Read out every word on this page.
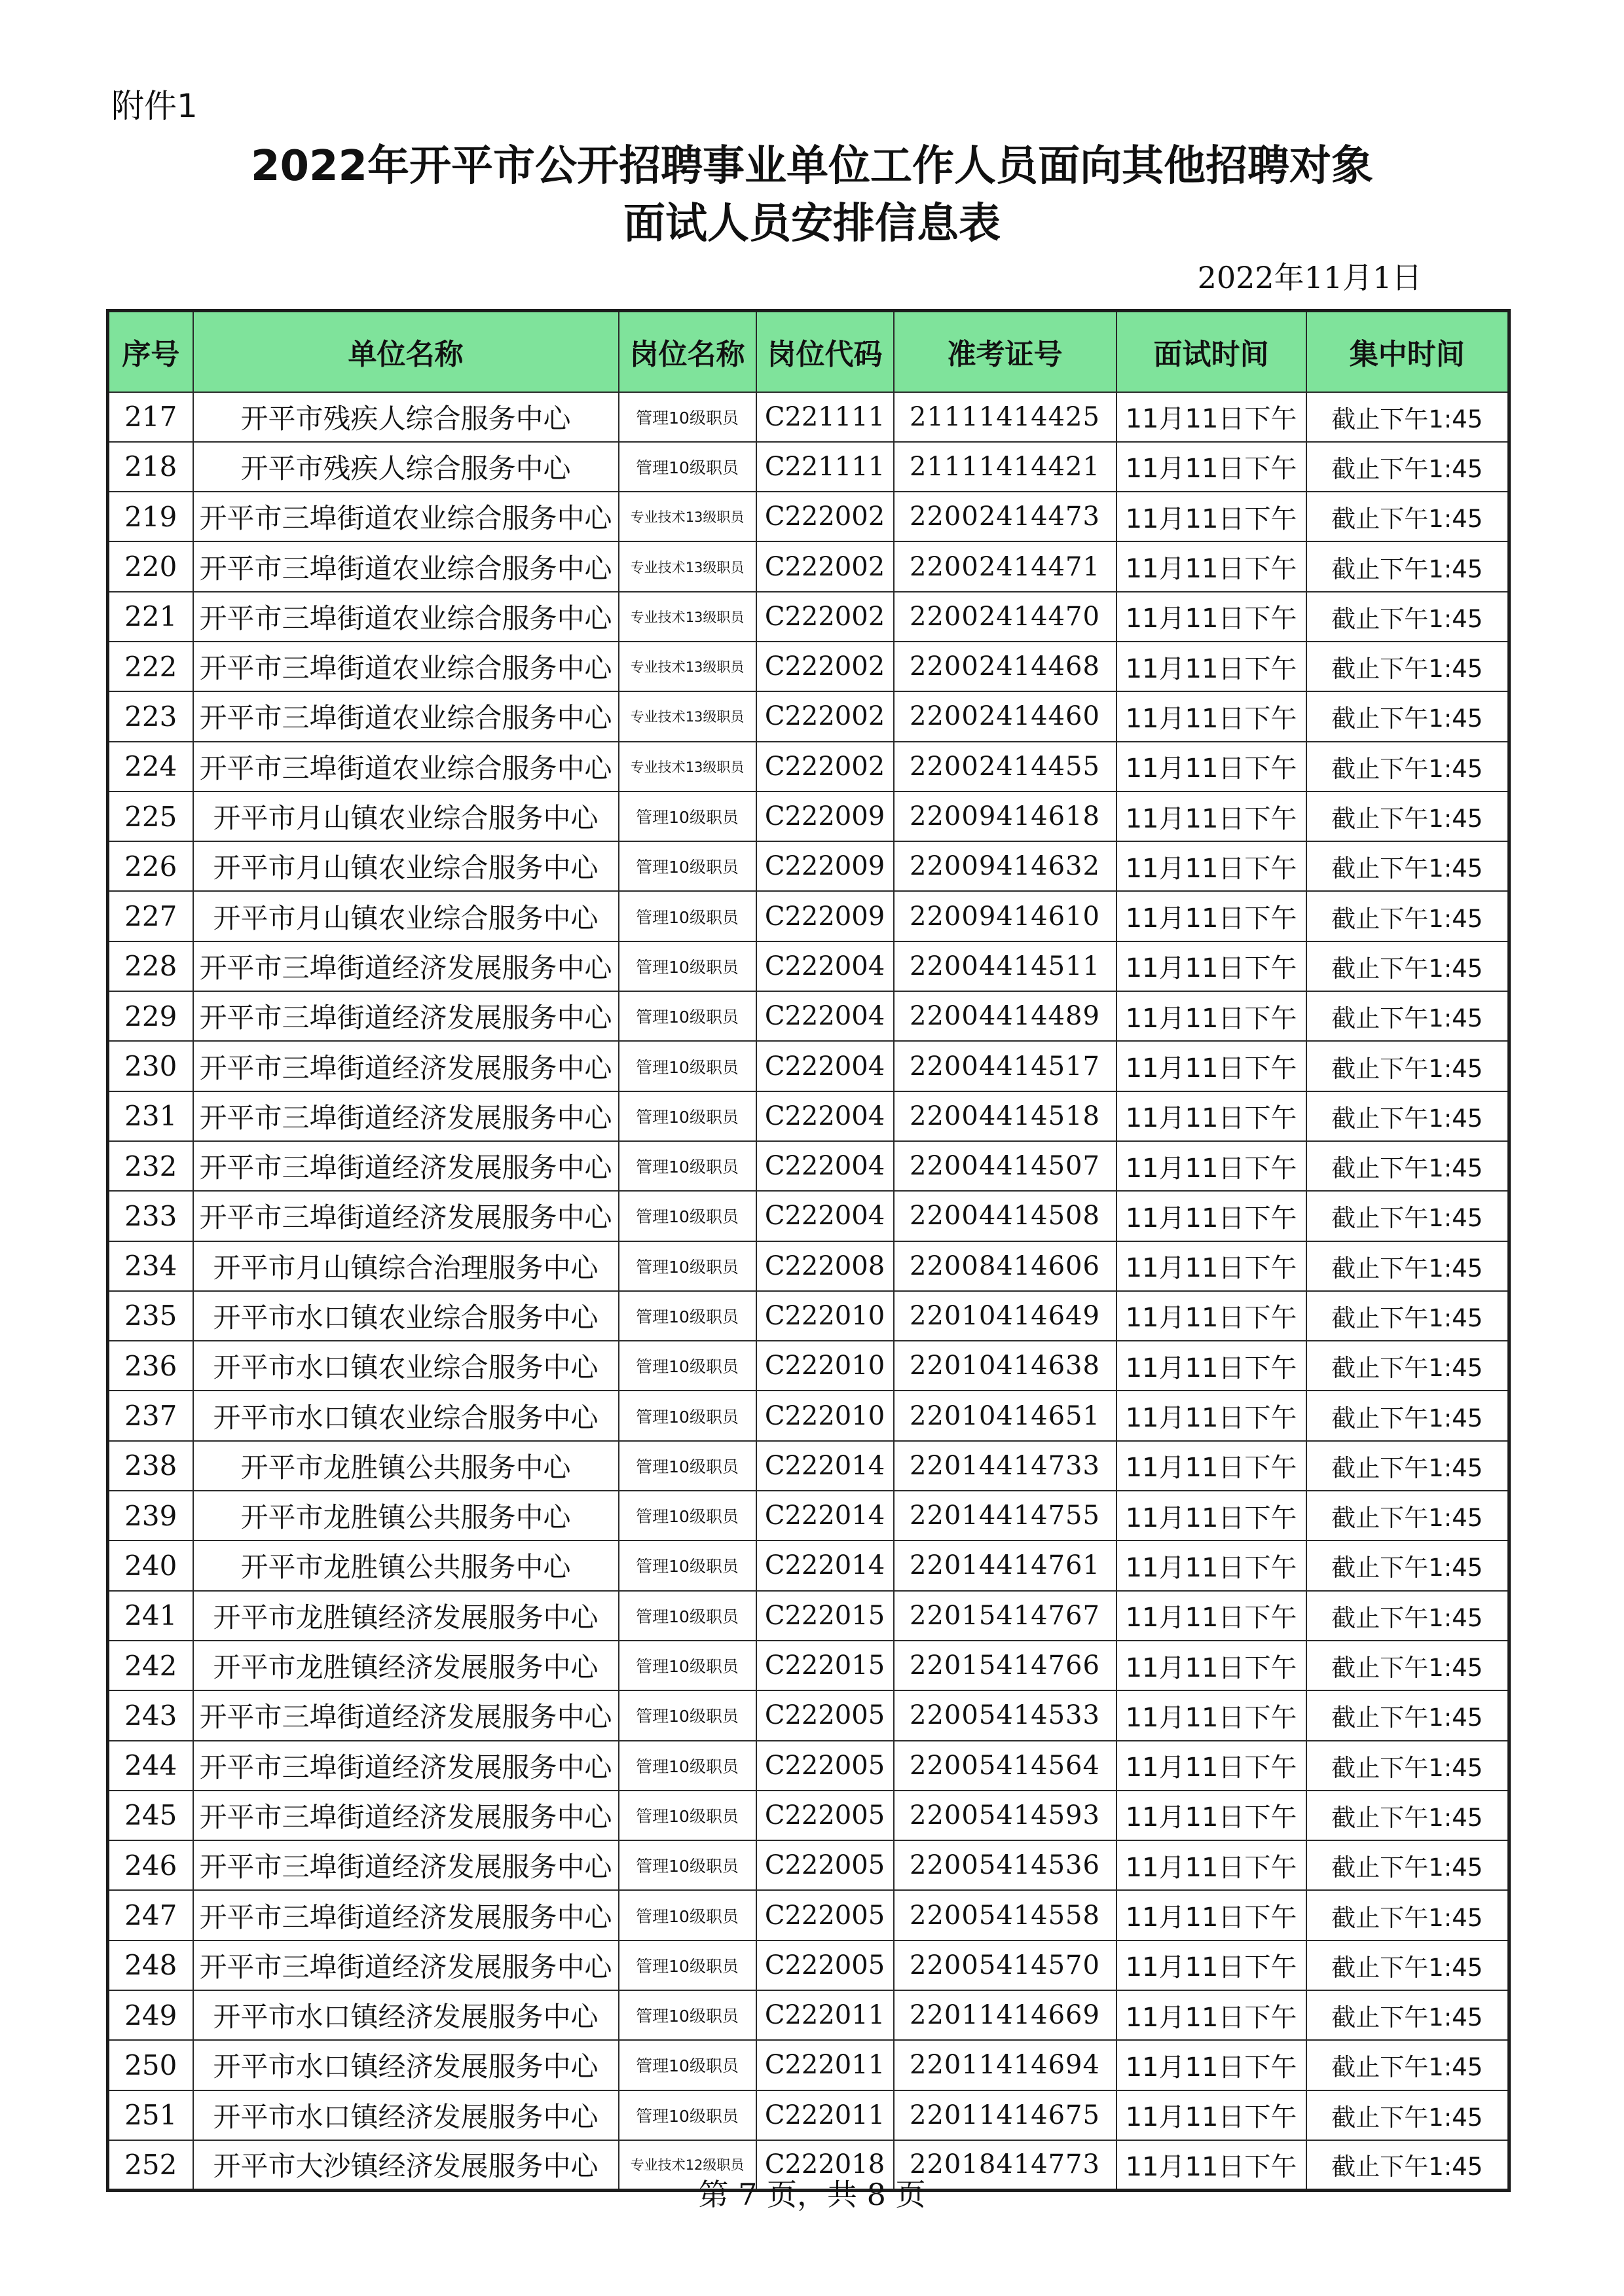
附件1
2022年开平市公开招聘事业单位工作人员面向其他招聘对象
面试人员安排信息表
2022年11月1日
序号	单位名称	岗位名称	岗位代码	准考证号	面试时间	集中时间
217	开平市残疾人综合服务中心	管理10级职员	C221111	21111414425	11月11日下午	截止下午1:45
218	开平市残疾人综合服务中心	管理10级职员	C221111	21111414421	11月11日下午	截止下午1:45
219	开平市三埠街道农业综合服务中心	专业技术13级职员	C222002	22002414473	11月11日下午	截止下午1:45
220	开平市三埠街道农业综合服务中心	专业技术13级职员	C222002	22002414471	11月11日下午	截止下午1:45
221	开平市三埠街道农业综合服务中心	专业技术13级职员	C222002	22002414470	11月11日下午	截止下午1:45
222	开平市三埠街道农业综合服务中心	专业技术13级职员	C222002	22002414468	11月11日下午	截止下午1:45
223	开平市三埠街道农业综合服务中心	专业技术13级职员	C222002	22002414460	11月11日下午	截止下午1:45
224	开平市三埠街道农业综合服务中心	专业技术13级职员	C222002	22002414455	11月11日下午	截止下午1:45
225	开平市月山镇农业综合服务中心	管理10级职员	C222009	22009414618	11月11日下午	截止下午1:45
226	开平市月山镇农业综合服务中心	管理10级职员	C222009	22009414632	11月11日下午	截止下午1:45
227	开平市月山镇农业综合服务中心	管理10级职员	C222009	22009414610	11月11日下午	截止下午1:45
228	开平市三埠街道经济发展服务中心	管理10级职员	C222004	22004414511	11月11日下午	截止下午1:45
229	开平市三埠街道经济发展服务中心	管理10级职员	C222004	22004414489	11月11日下午	截止下午1:45
230	开平市三埠街道经济发展服务中心	管理10级职员	C222004	22004414517	11月11日下午	截止下午1:45
231	开平市三埠街道经济发展服务中心	管理10级职员	C222004	22004414518	11月11日下午	截止下午1:45
232	开平市三埠街道经济发展服务中心	管理10级职员	C222004	22004414507	11月11日下午	截止下午1:45
233	开平市三埠街道经济发展服务中心	管理10级职员	C222004	22004414508	11月11日下午	截止下午1:45
234	开平市月山镇综合治理服务中心	管理10级职员	C222008	22008414606	11月11日下午	截止下午1:45
235	开平市水口镇农业综合服务中心	管理10级职员	C222010	22010414649	11月11日下午	截止下午1:45
236	开平市水口镇农业综合服务中心	管理10级职员	C222010	22010414638	11月11日下午	截止下午1:45
237	开平市水口镇农业综合服务中心	管理10级职员	C222010	22010414651	11月11日下午	截止下午1:45
238	开平市龙胜镇公共服务中心	管理10级职员	C222014	22014414733	11月11日下午	截止下午1:45
239	开平市龙胜镇公共服务中心	管理10级职员	C222014	22014414755	11月11日下午	截止下午1:45
240	开平市龙胜镇公共服务中心	管理10级职员	C222014	22014414761	11月11日下午	截止下午1:45
241	开平市龙胜镇经济发展服务中心	管理10级职员	C222015	22015414767	11月11日下午	截止下午1:45
242	开平市龙胜镇经济发展服务中心	管理10级职员	C222015	22015414766	11月11日下午	截止下午1:45
243	开平市三埠街道经济发展服务中心	管理10级职员	C222005	22005414533	11月11日下午	截止下午1:45
244	开平市三埠街道经济发展服务中心	管理10级职员	C222005	22005414564	11月11日下午	截止下午1:45
245	开平市三埠街道经济发展服务中心	管理10级职员	C222005	22005414593	11月11日下午	截止下午1:45
246	开平市三埠街道经济发展服务中心	管理10级职员	C222005	22005414536	11月11日下午	截止下午1:45
247	开平市三埠街道经济发展服务中心	管理10级职员	C222005	22005414558	11月11日下午	截止下午1:45
248	开平市三埠街道经济发展服务中心	管理10级职员	C222005	22005414570	11月11日下午	截止下午1:45
249	开平市水口镇经济发展服务中心	管理10级职员	C222011	22011414669	11月11日下午	截止下午1:45
250	开平市水口镇经济发展服务中心	管理10级职员	C222011	22011414694	11月11日下午	截止下午1:45
251	开平市水口镇经济发展服务中心	管理10级职员	C222011	22011414675	11月11日下午	截止下午1:45
252	开平市大沙镇经济发展服务中心	专业技术12级职员	C222018	22018414773	11月11日下午	截止下午1:45
第 7 页，共 8 页
